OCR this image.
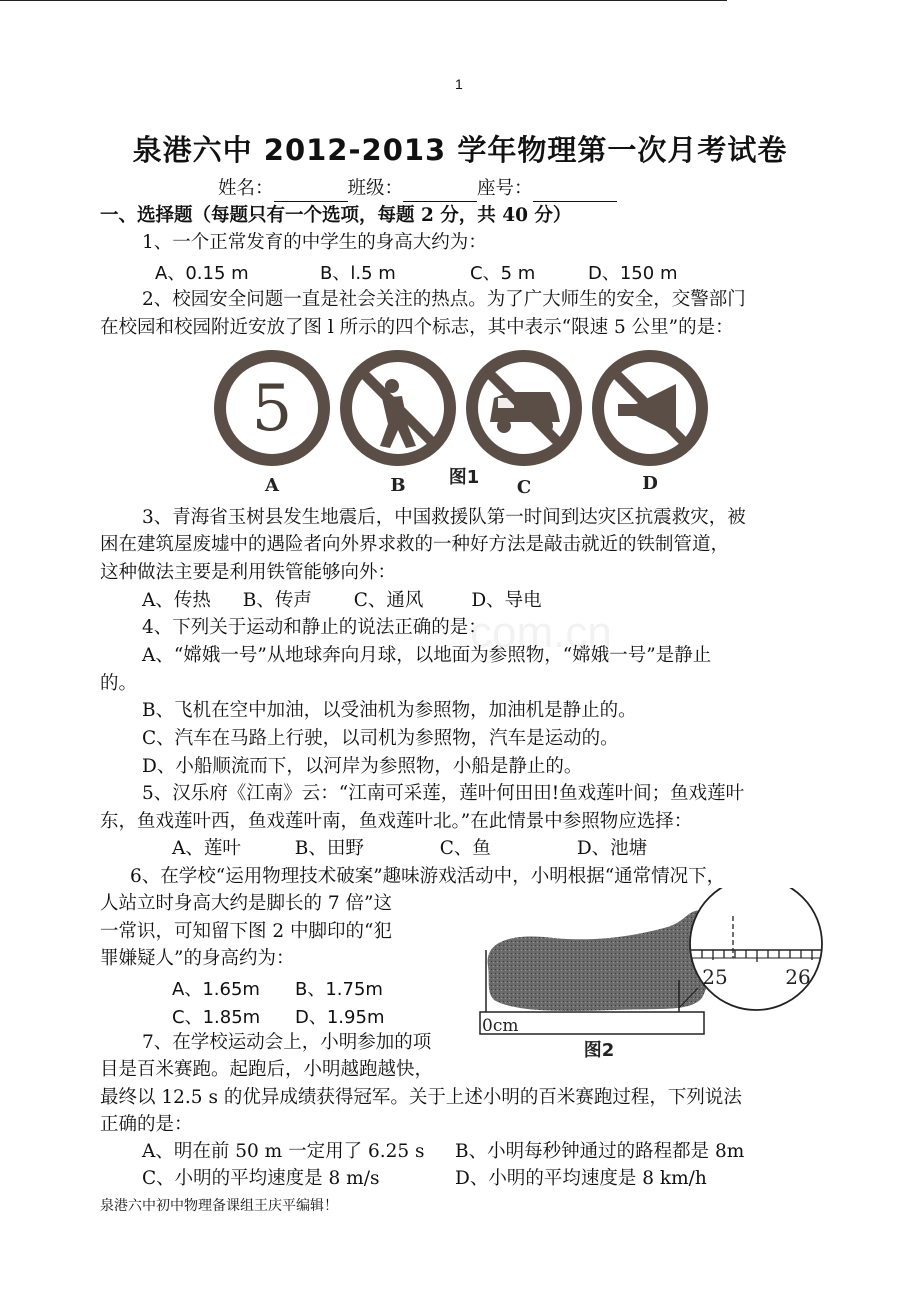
com.cn
1
泉港六中 2012-2013 学年物理第一次月考试卷
姓名：	班级：	座号：
一、选择题（每题只有一个选项，每题 2 分，共 40 分）
1、一个正常发育的中学生的身高大约为：
A、0.15 m	B、l.5 m	C、5 m	D、150 m
2、校园安全问题一直是社会关注的热点。为了广大师生的安全，交警部门
在校园和校园附近安放了图 l 所示的四个标志，其中表示“限速 5 公里”的是：
5
A	B 图1 C	D
3、青海省玉树县发生地震后，中国救援队第一时间到达灾区抗震救灾，被
困在建筑屋废墟中的遇险者向外界求救的一种好方法是敲击就近的铁制管道，
这种做法主要是利用铁管能够向外：
A、传热 B、传声 C、通风	D、导电
4、下列关于运动和静止的说法正确的是：
A、“嫦娥一号”从地球奔向月球，以地面为参照物，“嫦娥一号”是静止
的。
B、飞机在空中加油，以受油机为参照物，加油机是静止的。
C、汽车在马路上行驶，以司机为参照物，汽车是运动的。
D、小船顺流而下，以河岸为参照物，小船是静止的。
5、汉乐府《江南》云：“江南可采莲，莲叶何田田!鱼戏莲叶间；鱼戏莲叶
东，鱼戏莲叶西，鱼戏莲叶南，鱼戏莲叶北。”在此情景中参照物应选择：
A、莲叶	B、田野	C、鱼	D、池塘
6、在学校“运用物理技术破案”趣味游戏活动中，小明根据“通常情况下，
人站立时身高大约是脚长的 7 倍”这
一常识，可知留下图 2 中脚印的“犯
罪嫌疑人”的身高约为：
A、1.65m B、1.75m
C、1.85m D、1.95m	0cm
25	26
图2
7、在学校运动会上，小明参加的项
目是百米赛跑。起跑后，小明越跑越快，
最终以 12.5 s 的优异成绩获得冠军。关于上述小明的百米赛跑过程，下列说法
正确的是：
A、明在前 50 m 一定用了 6.25 s B、小明每秒钟通过的路程都是 8m
C、小明的平均速度是 8 m/s	D、小明的平均速度是 8 km/h
泉港六中初中物理备课组王庆平编辑！
